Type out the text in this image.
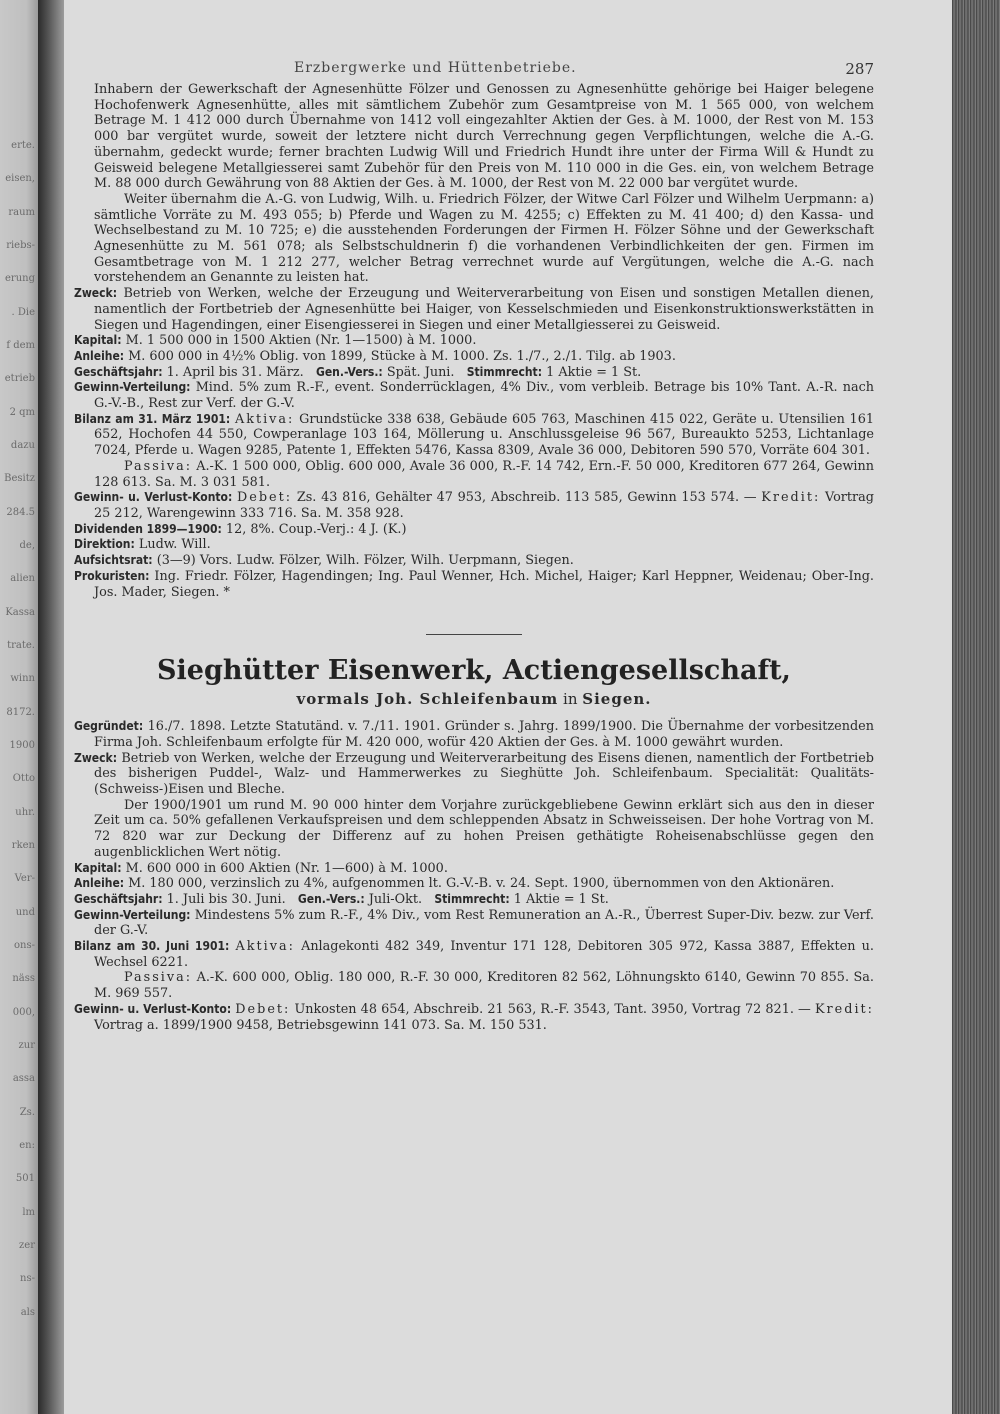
erte.
eisen,
raum
riebs-
erung
. Die
f dem
etrieb
2 qm
dazu
Besitz
284.5
de,
alien
Kassa
trate.
winn
8172.
1900
Otto
uhr.
rken
Ver-
und
ons-
näss
000,
zur
assa
Zs.
en:
501
lm
zer
ns-
als
Erzbergwerke und Hüttenbetriebe.	287

Inhabern der Gewerkschaft der Agnesenhütte Fölzer und Genossen zu Agnesenhütte gehörige bei Haiger belegene Hochofenwerk Agnesenhütte, alles mit sämtlichem Zubehör zum Gesamtpreise von M. 1 565 000, von welchem Betrage M. 1 412 000 durch Übernahme von 1412 voll eingezahlter Aktien der Ges. à M. 1000, der Rest von M. 153 000 bar vergütet wurde, soweit der letztere nicht durch Verrechnung gegen Verpflichtungen, welche die A.-G. übernahm, gedeckt wurde; ferner brachten Ludwig Will und Friedrich Hundt ihre unter der Firma Will & Hundt zu Geisweid belegene Metallgiesserei samt Zubehör für den Preis von M. 110 000 in die Ges. ein, von welchem Betrage M. 88 000 durch Gewährung von 88 Aktien der Ges. à M. 1000, der Rest von M. 22 000 bar vergütet wurde.

Weiter übernahm die A.-G. von Ludwig, Wilh. u. Friedrich Fölzer, der Witwe Carl Fölzer und Wilhelm Uerpmann: a) sämtliche Vorräte zu M. 493 055; b) Pferde und Wagen zu M. 4255; c) Effekten zu M. 41 400; d) den Kassa- und Wechselbestand zu M. 10 725; e) die ausstehenden Forderungen der Firmen H. Fölzer Söhne und der Gewerkschaft Agnesenhütte zu M. 561 078; als Selbstschuldnerin f) die vorhandenen Verbindlichkeiten der gen. Firmen im Gesamtbetrage von M. 1 212 277, welcher Betrag verrechnet wurde auf Vergütungen, welche die A.-G. nach vorstehendem an Genannte zu leisten hat.

Zweck: Betrieb von Werken, welche der Erzeugung und Weiterverarbeitung von Eisen und sonstigen Metallen dienen, namentlich der Fortbetrieb der Agnesenhütte bei Haiger, von Kesselschmieden und Eisenkonstruktionswerkstätten in Siegen und Hagendingen, einer Eisengiesserei in Siegen und einer Metallgiesserei zu Geisweid.

Kapital: M. 1 500 000 in 1500 Aktien (Nr. 1—1500) à M. 1000.

Anleihe: M. 600 000 in 4½% Oblig. von 1899, Stücke à M. 1000. Zs. 1./7., 2./1. Tilg. ab 1903.

Geschäftsjahr: 1. April bis 31. März. Gen.-Vers.: Spät. Juni. Stimmrecht: 1 Aktie = 1 St.

Gewinn-Verteilung: Mind. 5% zum R.-F., event. Sonderrücklagen, 4% Div., vom verbleib. Betrage bis 10% Tant. A.-R. nach G.-V.-B., Rest zur Verf. der G.-V.

Bilanz am 31. März 1901: Aktiva: Grundstücke 338 638, Gebäude 605 763, Maschinen 415 022, Geräte u. Utensilien 161 652, Hochofen 44 550, Cowperanlage 103 164, Möllerung u. Anschlussgeleise 96 567, Bureaukto 5253, Lichtanlage 7024, Pferde u. Wagen 9285, Patente 1, Effekten 5476, Kassa 8309, Avale 36 000, Debitoren 590 570, Vorräte 604 301.

Passiva: A.-K. 1 500 000, Oblig. 600 000, Avale 36 000, R.-F. 14 742, Ern.-F. 50 000, Kreditoren 677 264, Gewinn 128 613. Sa. M. 3 031 581.

Gewinn- u. Verlust-Konto: Debet: Zs. 43 816, Gehälter 47 953, Abschreib. 113 585, Gewinn 153 574. — Kredit: Vortrag 25 212, Warengewinn 333 716. Sa. M. 358 928.

Dividenden 1899—1900: 12, 8%. Coup.-Verj.: 4 J. (K.)

Direktion: Ludw. Will.

Aufsichtsrat: (3—9) Vors. Ludw. Fölzer, Wilh. Fölzer, Wilh. Uerpmann, Siegen.

Prokuristen: Ing. Friedr. Fölzer, Hagendingen; Ing. Paul Wenner, Hch. Michel, Haiger; Karl Heppner, Weidenau; Ober-Ing. Jos. Mader, Siegen. *

Sieghütter Eisenwerk, Actiengesellschaft,
vormals Joh. Schleifenbaum in Siegen.

Gegründet: 16./7. 1898. Letzte Statutänd. v. 7./11. 1901. Gründer s. Jahrg. 1899/1900. Die Übernahme der vorbesitzenden Firma Joh. Schleifenbaum erfolgte für M. 420 000, wofür 420 Aktien der Ges. à M. 1000 gewährt wurden.

Zweck: Betrieb von Werken, welche der Erzeugung und Weiterverarbeitung des Eisens dienen, namentlich der Fortbetrieb des bisherigen Puddel-, Walz- und Hammerwerkes zu Sieghütte Joh. Schleifenbaum. Specialität: Qualitäts-(Schweiss-)Eisen und Bleche.

Der 1900/1901 um rund M. 90 000 hinter dem Vorjahre zurückgebliebene Gewinn erklärt sich aus den in dieser Zeit um ca. 50% gefallenen Verkaufspreisen und dem schleppenden Absatz in Schweisseisen. Der hohe Vortrag von M. 72 820 war zur Deckung der Differenz auf zu hohen Preisen gethätigte Roheisenabschlüsse gegen den augenblicklichen Wert nötig.

Kapital: M. 600 000 in 600 Aktien (Nr. 1—600) à M. 1000.

Anleihe: M. 180 000, verzinslich zu 4%, aufgenommen lt. G.-V.-B. v. 24. Sept. 1900, übernommen von den Aktionären.

Geschäftsjahr: 1. Juli bis 30. Juni. Gen.-Vers.: Juli-Okt. Stimmrecht: 1 Aktie = 1 St.

Gewinn-Verteilung: Mindestens 5% zum R.-F., 4% Div., vom Rest Remuneration an A.-R., Überrest Super-Div. bezw. zur Verf. der G.-V.

Bilanz am 30. Juni 1901: Aktiva: Anlagekonti 482 349, Inventur 171 128, Debitoren 305 972, Kassa 3887, Effekten u. Wechsel 6221.

Passiva: A.-K. 600 000, Oblig. 180 000, R.-F. 30 000, Kreditoren 82 562, Löhnungskto 6140, Gewinn 70 855. Sa. M. 969 557.

Gewinn- u. Verlust-Konto: Debet: Unkosten 48 654, Abschreib. 21 563, R.-F. 3543, Tant. 3950, Vortrag 72 821. — Kredit: Vortrag a. 1899/1900 9458, Betriebsgewinn 141 073. Sa. M. 150 531.
